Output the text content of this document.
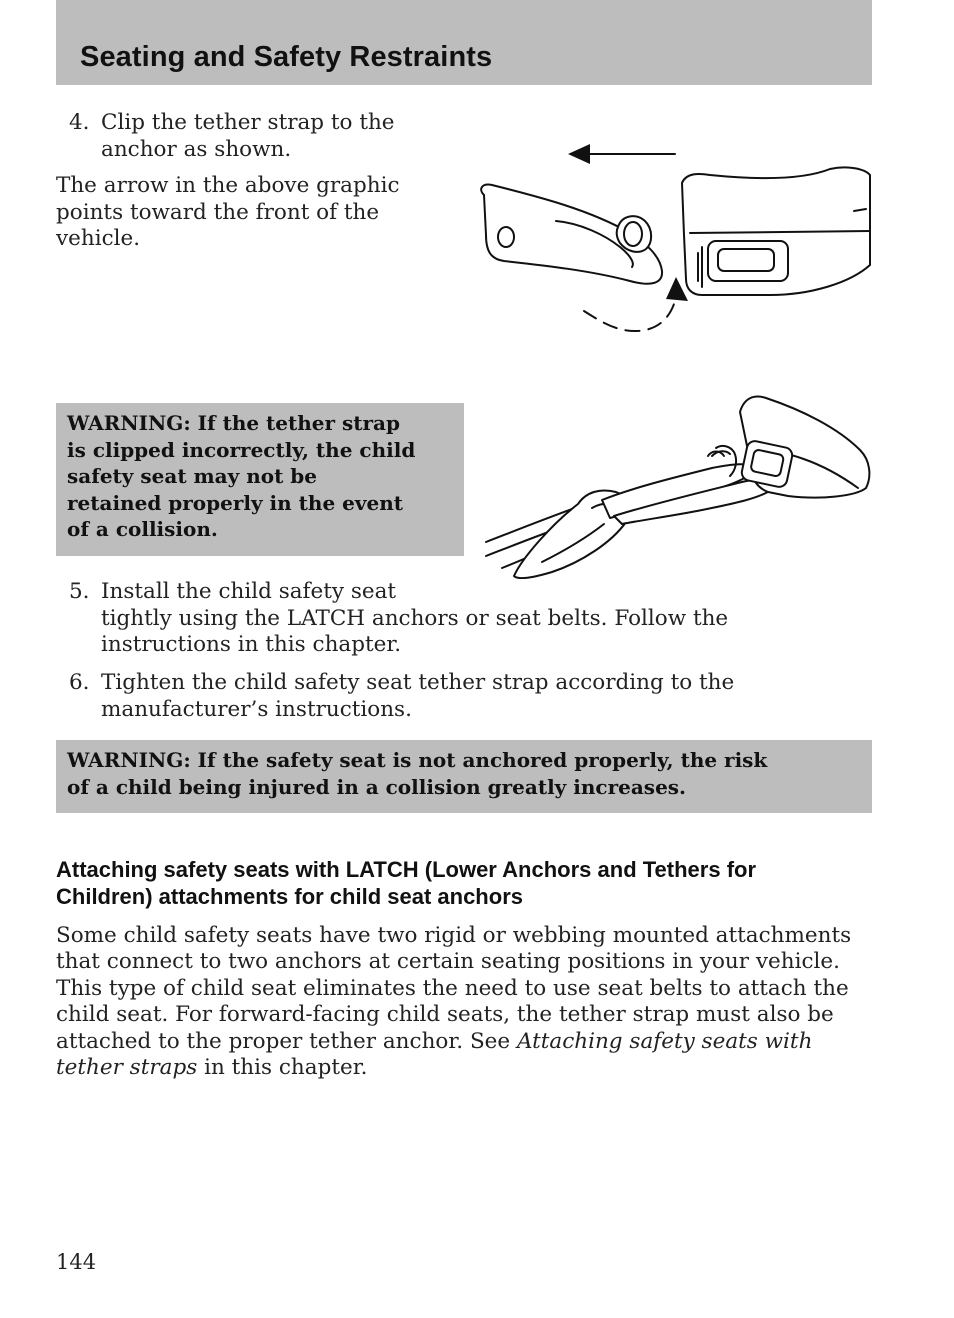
Seating and Safety Restraints
4. Clip the tether strap to the
anchor as shown.
The arrow in the above graphic
points toward the front of the
vehicle.
WARNING: If the tether strap
is clipped incorrectly, the child
safety seat may not be
retained properly in the event
of a collision.
5. Install the child safety seat
tightly using the LATCH anchors or seat belts. Follow the
instructions in this chapter.
6. Tighten the child safety seat tether strap according to the
manufacturer’s instructions.
WARNING: If the safety seat is not anchored properly, the risk
of a child being injured in a collision greatly increases.
Attaching safety seats with LATCH (Lower Anchors and Tethers for
Children) attachments for child seat anchors
Some child safety seats have two rigid or webbing mounted attachments
that connect to two anchors at certain seating positions in your vehicle.
This type of child seat eliminates the need to use seat belts to attach the
child seat. For forward-facing child seats, the tether strap must also be
attached to the proper tether anchor. See Attaching safety seats with
tether straps in this chapter.
144
